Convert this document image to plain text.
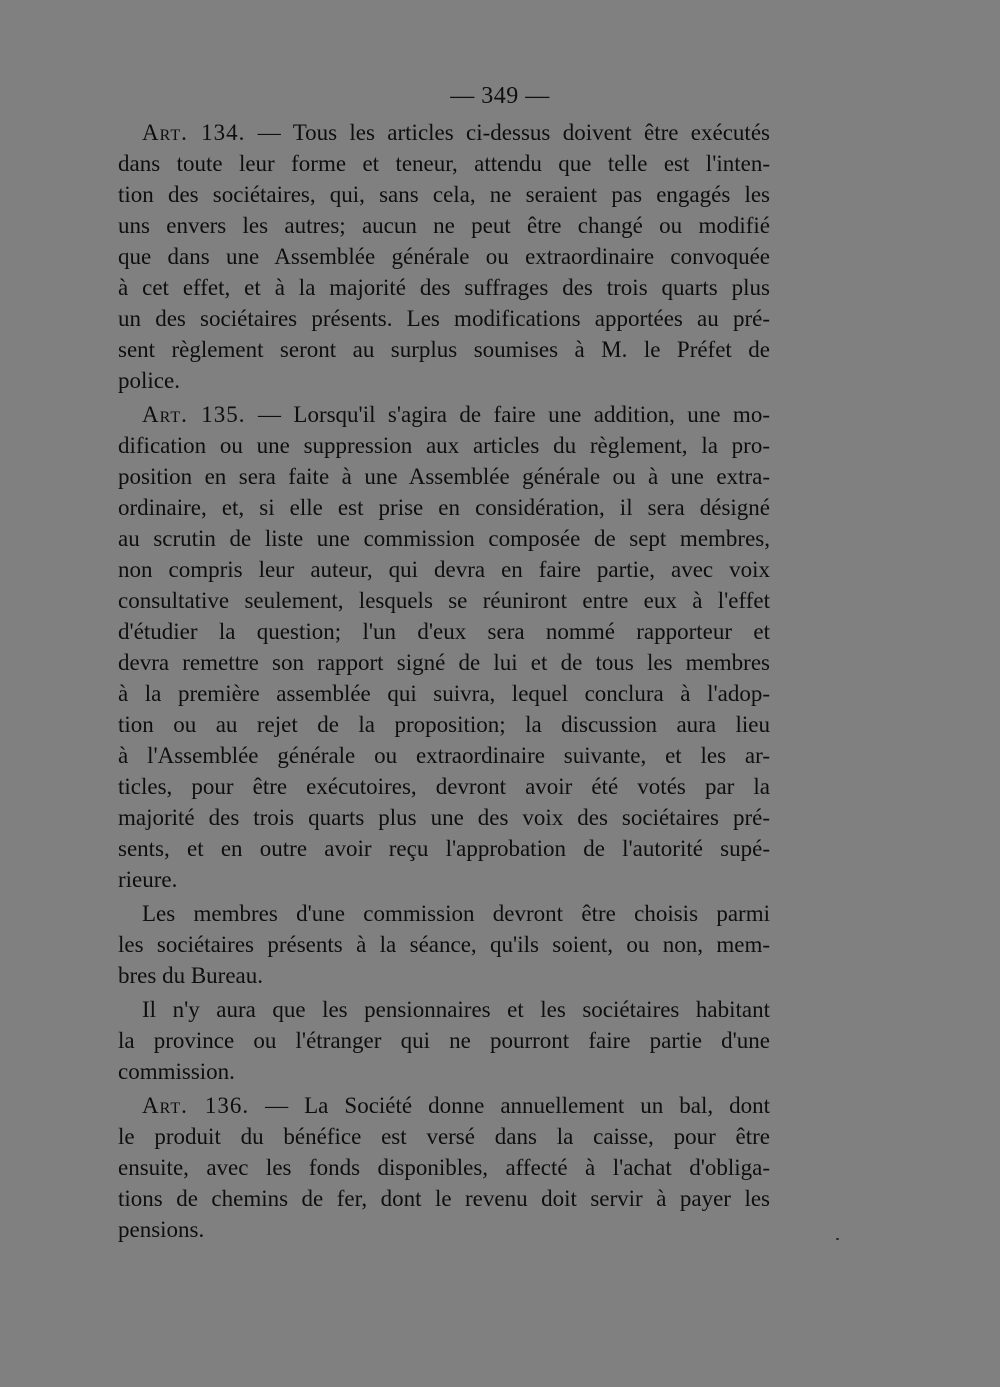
— 349 —
Art. 134. — Tous les articles ci-dessus doivent être exécutés
dans toute leur forme et teneur, attendu que telle est l'inten-
tion des sociétaires, qui, sans cela, ne seraient pas engagés les
uns envers les autres; aucun ne peut être changé ou modifié
que dans une Assemblée générale ou extraordinaire convoquée
à cet effet, et à la majorité des suffrages des trois quarts plus
un des sociétaires présents. Les modifications apportées au pré-
sent règlement seront au surplus soumises à M. le Préfet de
police.
Art. 135. — Lorsqu'il s'agira de faire une addition, une mo-
dification ou une suppression aux articles du règlement, la pro-
position en sera faite à une Assemblée générale ou à une extra-
ordinaire, et, si elle est prise en considération, il sera désigné
au scrutin de liste une commission composée de sept membres,
non compris leur auteur, qui devra en faire partie, avec voix
consultative seulement, lesquels se réuniront entre eux à l'effet
d'étudier la question; l'un d'eux sera nommé rapporteur et
devra remettre son rapport signé de lui et de tous les membres
à la première assemblée qui suivra, lequel conclura à l'adop-
tion ou au rejet de la proposition; la discussion aura lieu
à l'Assemblée générale ou extraordinaire suivante, et les ar-
ticles, pour être exécutoires, devront avoir été votés par la
majorité des trois quarts plus une des voix des sociétaires pré-
sents, et en outre avoir reçu l'approbation de l'autorité supé-
rieure.
Les membres d'une commission devront être choisis parmi
les sociétaires présents à la séance, qu'ils soient, ou non, mem-
bres du Bureau.
Il n'y aura que les pensionnaires et les sociétaires habitant
la province ou l'étranger qui ne pourront faire partie d'une
commission.
Art. 136. — La Société donne annuellement un bal, dont
le produit du bénéfice est versé dans la caisse, pour être
ensuite, avec les fonds disponibles, affecté à l'achat d'obliga-
tions de chemins de fer, dont le revenu doit servir à payer les
pensions.
